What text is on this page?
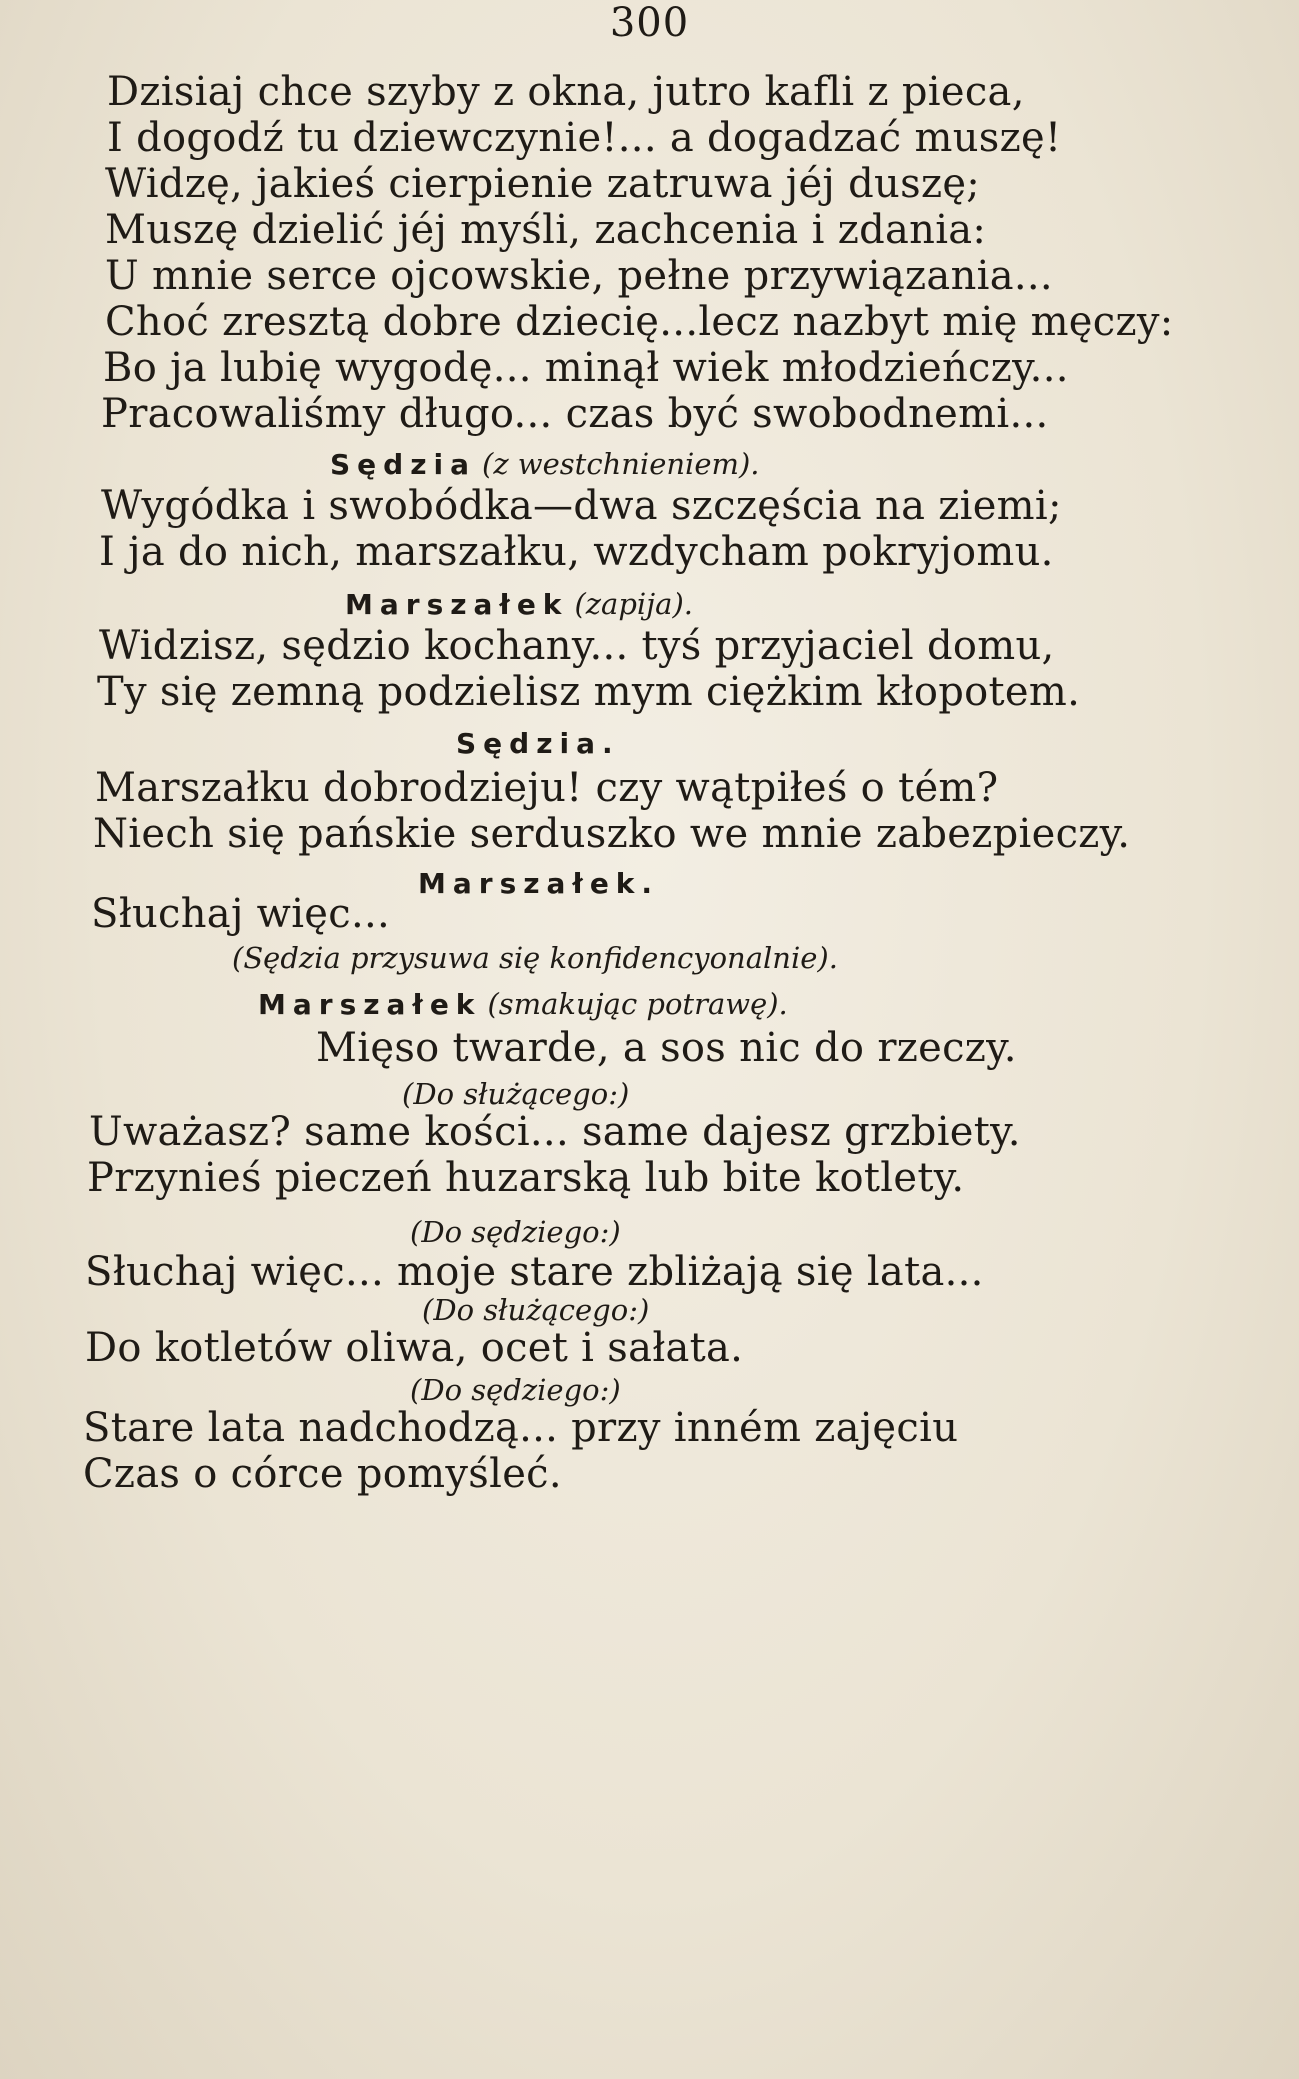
300
Dzisiaj chce szyby z okna, jutro kafli z pieca,
I dogodź tu dziewczynie!... a dogadzać muszę!
Widzę, jakieś cierpienie zatruwa jéj duszę;
Muszę dzielić jéj myśli, zachcenia i zdania:
U mnie serce ojcowskie, pełne przywiązania...
Choć zresztą dobre dziecię...lecz nazbyt mię męczy:
Bo ja lubię wygodę... minął wiek młodzieńczy...
Pracowaliśmy długo... czas być swobodnemi...
Sędzia (z westchnieniem).
Wygódka i swobódka—dwa szczęścia na ziemi;
I ja do nich, marszałku, wzdycham pokryjomu.
Marszałek (zapija).
Widzisz, sędzio kochany... tyś przyjaciel domu,
Ty się zemną podzielisz mym ciężkim kłopotem.
Sędzia.
Marszałku dobrodzieju! czy wątpiłeś o tém?
Niech się pańskie serduszko we mnie zabezpieczy.
Marszałek.
Słuchaj więc...
(Sędzia przysuwa się konfidencyonalnie).
Marszałek (smakując potrawę).
Mięso twarde, a sos nic do rzeczy.
(Do służącego:)
Uważasz? same kości... same dajesz grzbiety.
Przynieś pieczeń huzarską lub bite kotlety.
(Do sędziego:)
Słuchaj więc... moje stare zbliżają się lata...
(Do służącego:)
Do kotletów oliwa, ocet i sałata.
(Do sędziego:)
Stare lata nadchodzą... przy inném zajęciu
Czas o córce pomyśleć.
